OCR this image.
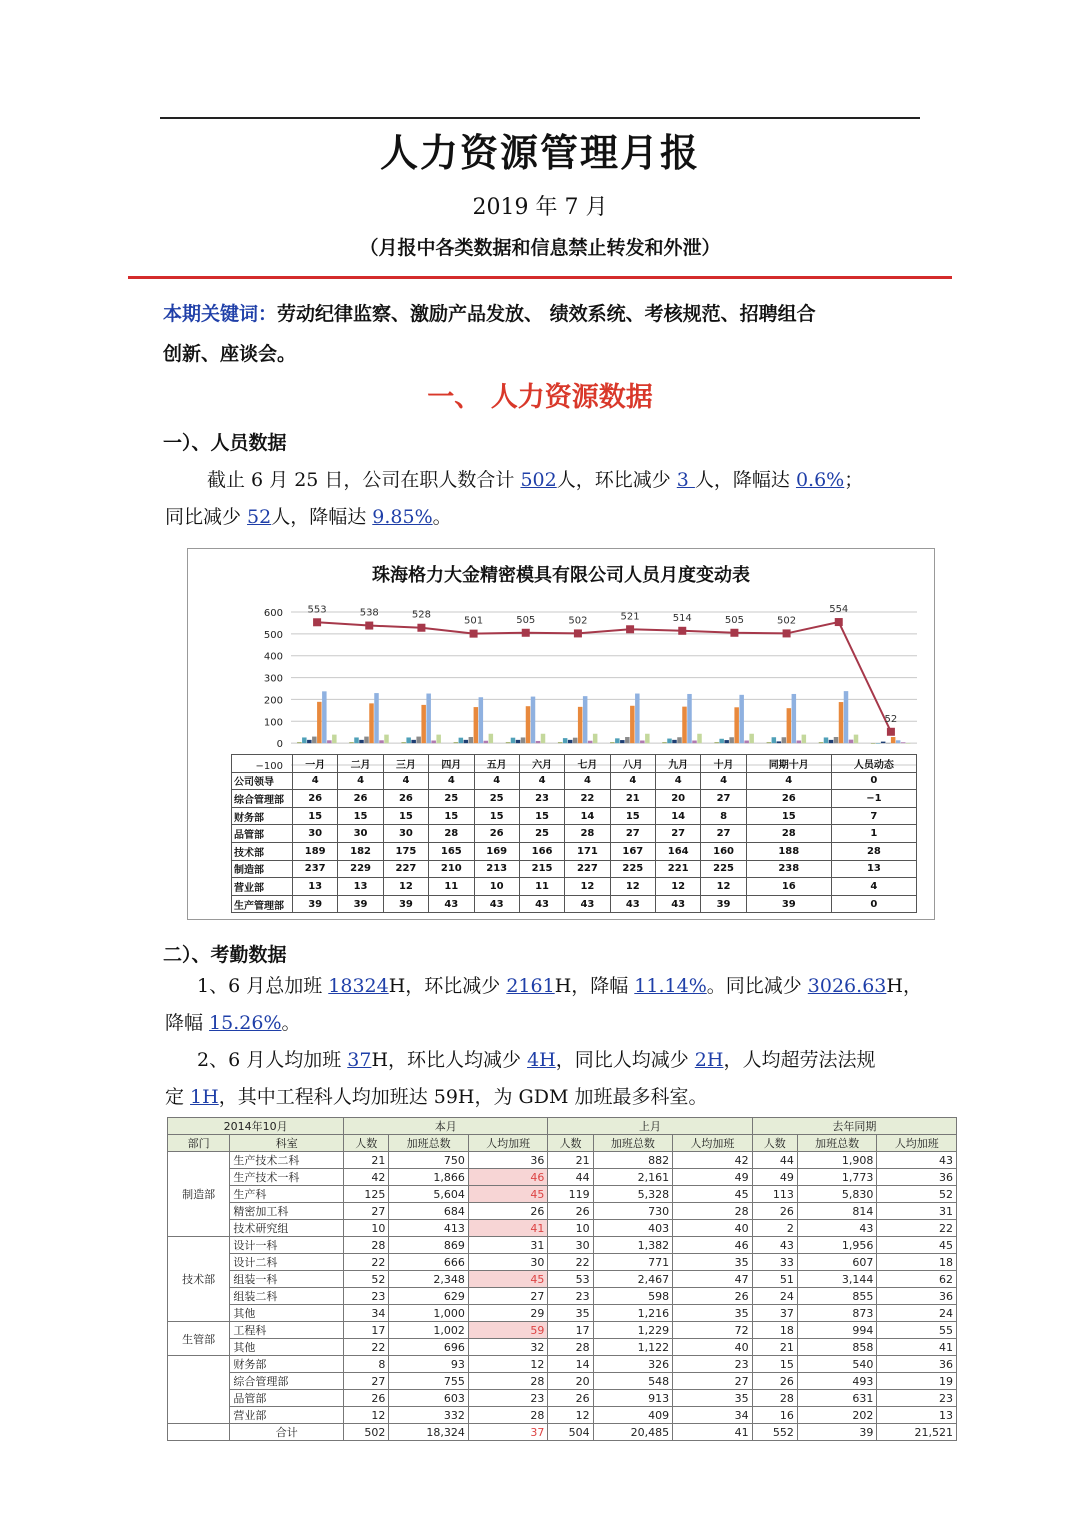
人力资源管理月报
2019 年 7 月
（月报中各类数据和信息禁止转发和外泄）
本期关键词：劳动纪律监察、激励产品发放、 绩效系统、考核规范、招聘组合
创新、座谈会。
一、 人力资源数据
一）、人员数据
截止 6 月 25 日，公司在职人数合计 502人，环比减少 3 人，降幅达 0.6%；
同比减少 52人，降幅达 9.85%。
珠海格力大金精密模具有限公司人员月度变动表
600
500
400
300
200
100
0
−100
553	538	528
501	505	502	521	514	505	502
554
52
	一月	二月	三月	四月	五月	六月	七月	八月	九月	十月	同期十月	人员动态
公司领导	4	4	4	4	4	4	4	4	4	4	4	0
综合管理部	26	26	26	25	25	23	22	21	20	27	26	−1
财务部	15	15	15	15	15	15	14	15	14	8	15	7
品管部	30	30	30	28	26	25	28	27	27	27	28	1
技术部	189	182	175	165	169	166	171	167	164	160	188	28
制造部	237	229	227	210	213	215	227	225	221	225	238	13
营业部	13	13	12	11	10	11	12	12	12	12	16	4
生产管理部	39	39	39	43	43	43	43	43	43	39	39	0
二）、考勤数据
1、6 月总加班 18324H，环比减少 2161H，降幅 11.14%。同比减少 3026.63H，
降幅 15.26%。
2、6 月人均加班 37H，环比人均减少 4H，同比人均减少 2H，人均超劳法法规
定 1H，其中工程科人均加班达 59H，为 GDM 加班最多科室。
2014年10月		本月			上月			去年同期		
部门	科室	人数	加班总数	人均加班	人数	加班总数	人均加班	人数	加班总数	人均加班
制造部	生产技术二科	21	750	36	21	882	42	44	1,908	43
	生产技术一科	42	1,866	46	44	2,161	49	49	1,773	36
	生产科	125	5,604	45	119	5,328	45	113	5,830	52
	精密加工科	27	684	26	26	730	28	26	814	31
	技术研究组	10	413	41	10	403	40	2	43	22
技术部	设计一科	28	869	31	30	1,382	46	43	1,956	45
	设计二科	22	666	30	22	771	35	33	607	18
	组装一科	52	2,348	45	53	2,467	47	51	3,144	62
	组装二科	23	629	27	23	598	26	24	855	36
	其他	34	1,000	29	35	1,216	35	37	873	24
生管部	工程科	17	1,002	59	17	1,229	72	18	994	55
	其他	22	696	32	28	1,122	40	21	858	41
	财务部	8	93	12	14	326	23	15	540	36
	综合管理部	27	755	28	20	548	27	26	493	19
	品管部	26	603	23	26	913	35	28	631	23
	营业部	12	332	28	12	409	34	16	202	13
	合计	502	18,324	37	504	20,485	41	552	39	21,521
